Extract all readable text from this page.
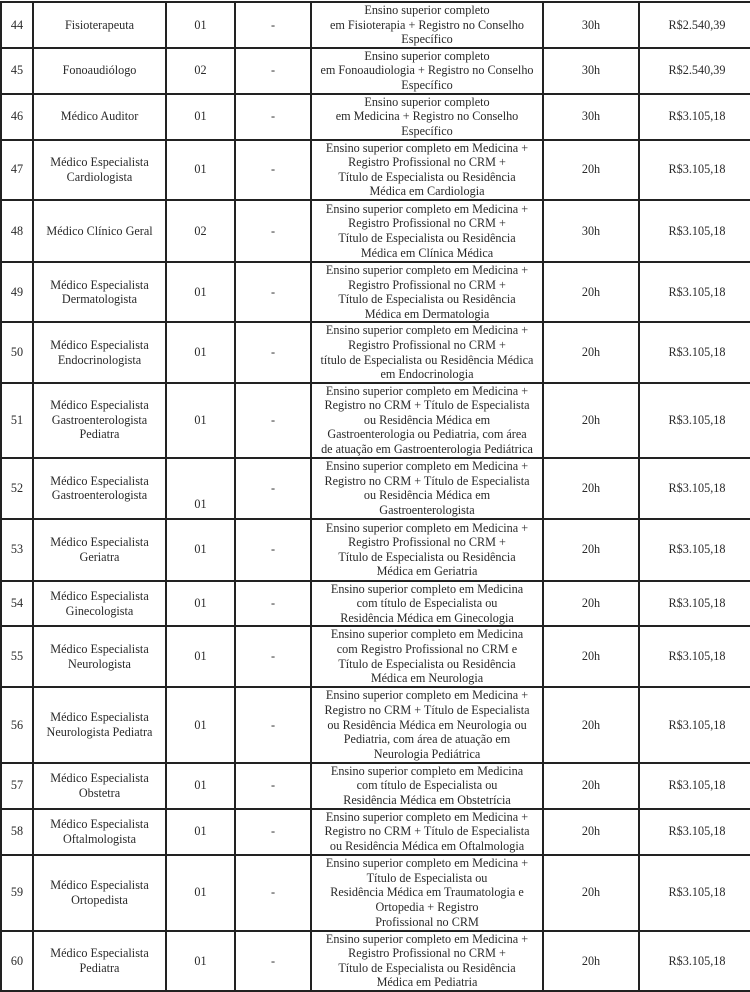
44	Fisioterapeuta	01	-	Ensino superior completo
em Fisioterapia + Registro no Conselho
Específico	30h	R$2.540,39
45	Fonoaudiólogo	02	-	Ensino superior completo
em Fonoaudiologia + Registro no Conselho
Específico	30h	R$2.540,39
46	Médico Auditor	01	-	Ensino superior completo
em Medicina + Registro no Conselho
Específico	30h	R$3.105,18
47	Médico Especialista Cardiologista	01	-	Ensino superior completo em Medicina +
Registro Profissional no CRM +
Título de Especialista ou Residência
Médica em Cardiologia	20h	R$3.105,18
48	Médico Clínico Geral	02	-	Ensino superior completo em Medicina +
Registro Profissional no CRM +
Título de Especialista ou Residência
Médica em Clínica Médica	30h	R$3.105,18
49	Médico Especialista Dermatologista	01	-	Ensino superior completo em Medicina +
Registro Profissional no CRM +
Título de Especialista ou Residência
Médica em Dermatologia	20h	R$3.105,18
50	Médico Especialista Endocrinologista	01	-	Ensino superior completo em Medicina +
Registro Profissional no CRM +
título de Especialista ou Residência Médica
em Endocrinologia	20h	R$3.105,18
51	Médico Especialista Gastroenterologista Pediatra	01	-	Ensino superior completo em Medicina +
Registro no CRM + Título de Especialista
ou Residência Médica em
Gastroenterologia ou Pediatria, com área
de atuação em Gastroenterologia Pediátrica	20h	R$3.105,18
52	Médico Especialista Gastroenterologista	01	-	Ensino superior completo em Medicina +
Registro no CRM + Título de Especialista
ou Residência Médica em
Gastroenterologista	20h	R$3.105,18
53	Médico Especialista Geriatra	01	-	Ensino superior completo em Medicina +
Registro Profissional no CRM +
Título de Especialista ou Residência
Médica em Geriatria	20h	R$3.105,18
54	Médico Especialista Ginecologista	01	-	Ensino superior completo em Medicina
com título de Especialista ou
Residência Médica em Ginecologia	20h	R$3.105,18
55	Médico Especialista Neurologista	01	-	Ensino superior completo em Medicina
com Registro Profissional no CRM e
Título de Especialista ou Residência
Médica em Neurologia	20h	R$3.105,18
56	Médico Especialista Neurologista Pediatra	01	-	Ensino superior completo em Medicina +
Registro no CRM + Título de Especialista
ou Residência Médica em Neurologia ou
Pediatria, com área de atuação em
Neurologia Pediátrica	20h	R$3.105,18
57	Médico Especialista Obstetra	01	-	Ensino superior completo em Medicina
com título de Especialista ou
Residência Médica em Obstetrícia	20h	R$3.105,18
58	Médico Especialista Oftalmologista	01	-	Ensino superior completo em Medicina +
Registro no CRM + Título de Especialista
ou Residência Médica em Oftalmologia	20h	R$3.105,18
59	Médico Especialista Ortopedista	01	-	Ensino superior completo em Medicina +
Título de Especialista ou
Residência Médica em Traumatologia e
Ortopedia + Registro
Profissional no CRM	20h	R$3.105,18
60	Médico Especialista Pediatra	01	-	Ensino superior completo em Medicina +
Registro Profissional no CRM +
Título de Especialista ou Residência
Médica em Pediatria	20h	R$3.105,18
